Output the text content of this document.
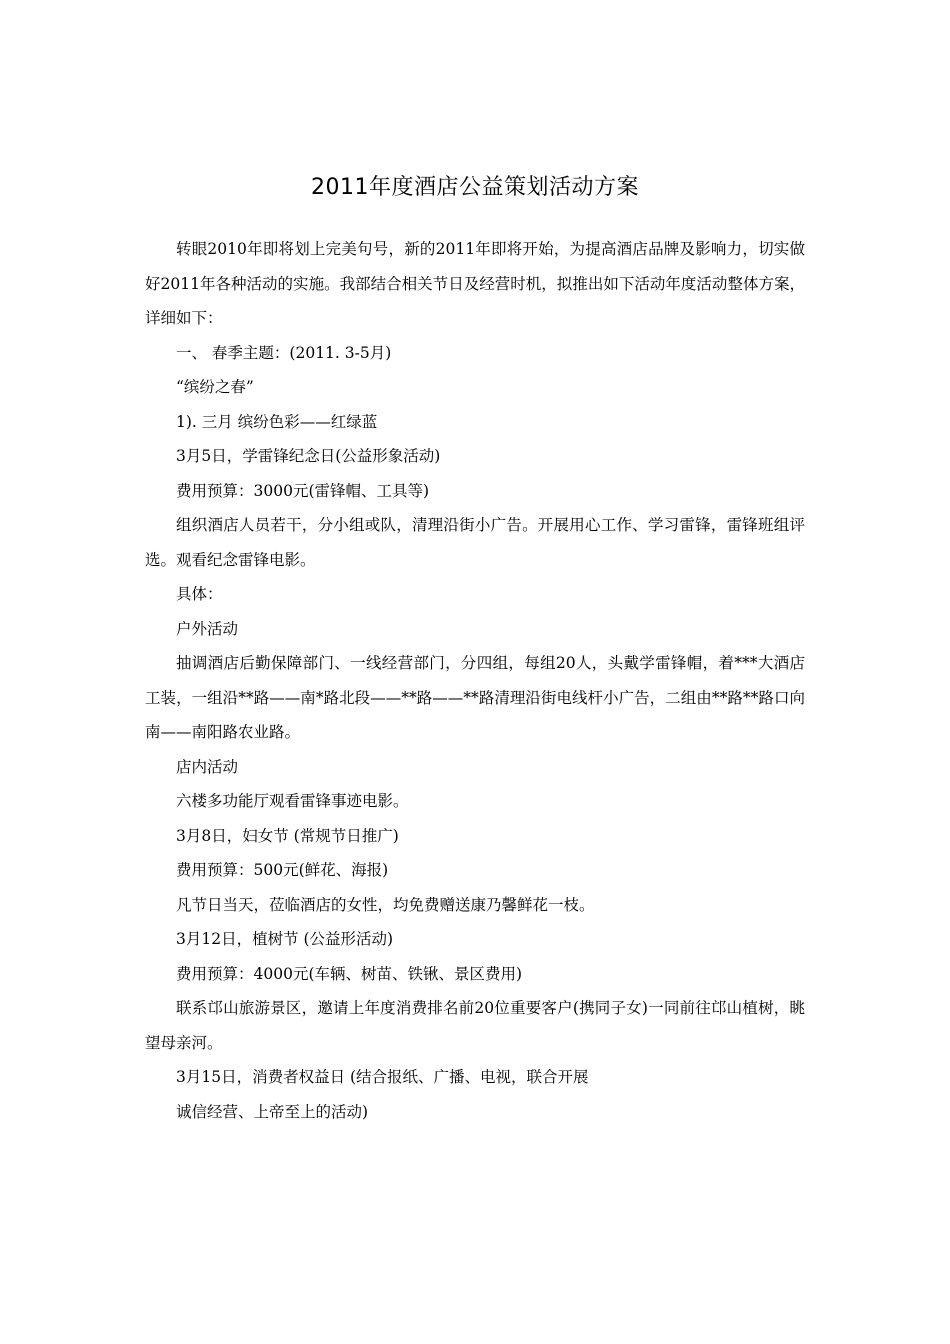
2011年度酒店公益策划活动方案

转眼2010年即将划上完美句号，新的2011年即将开始，为提高酒店品牌及影响力，切实做好2011年各种活动的实施。我部结合相关节日及经营时机，拟推出如下活动年度活动整体方案，详细如下：

一、 春季主题：(2011. 3-5月)

“缤纷之春”

1). 三月 缤纷色彩——红绿蓝

3月5日，学雷锋纪念日(公益形象活动)

费用预算：3000元(雷锋帽、工具等)

组织酒店人员若干，分小组或队，清理沿街小广告。开展用心工作、学习雷锋，雷锋班组评选。观看纪念雷锋电影。

具体：

户外活动

抽调酒店后勤保障部门、一线经营部门，分四组，每组20人，头戴学雷锋帽，着***大酒店工装，一组沿**路——南*路北段——**路——**路清理沿街电线杆小广告，二组由**路**路口向南——南阳路农业路。

店内活动

六楼多功能厅观看雷锋事迹电影。

3月8日，妇女节 (常规节日推广)

费用预算：500元(鲜花、海报)

凡节日当天，莅临酒店的女性，均免费赠送康乃馨鲜花一枝。

3月12日，植树节 (公益形活动)

费用预算：4000元(车辆、树苗、铁锹、景区费用)

联系邙山旅游景区，邀请上年度消费排名前20位重要客户(携同子女)一同前往邙山植树，眺望母亲河。

3月15日，消费者权益日 (结合报纸、广播、电视，联合开展

诚信经营、上帝至上的活动)
